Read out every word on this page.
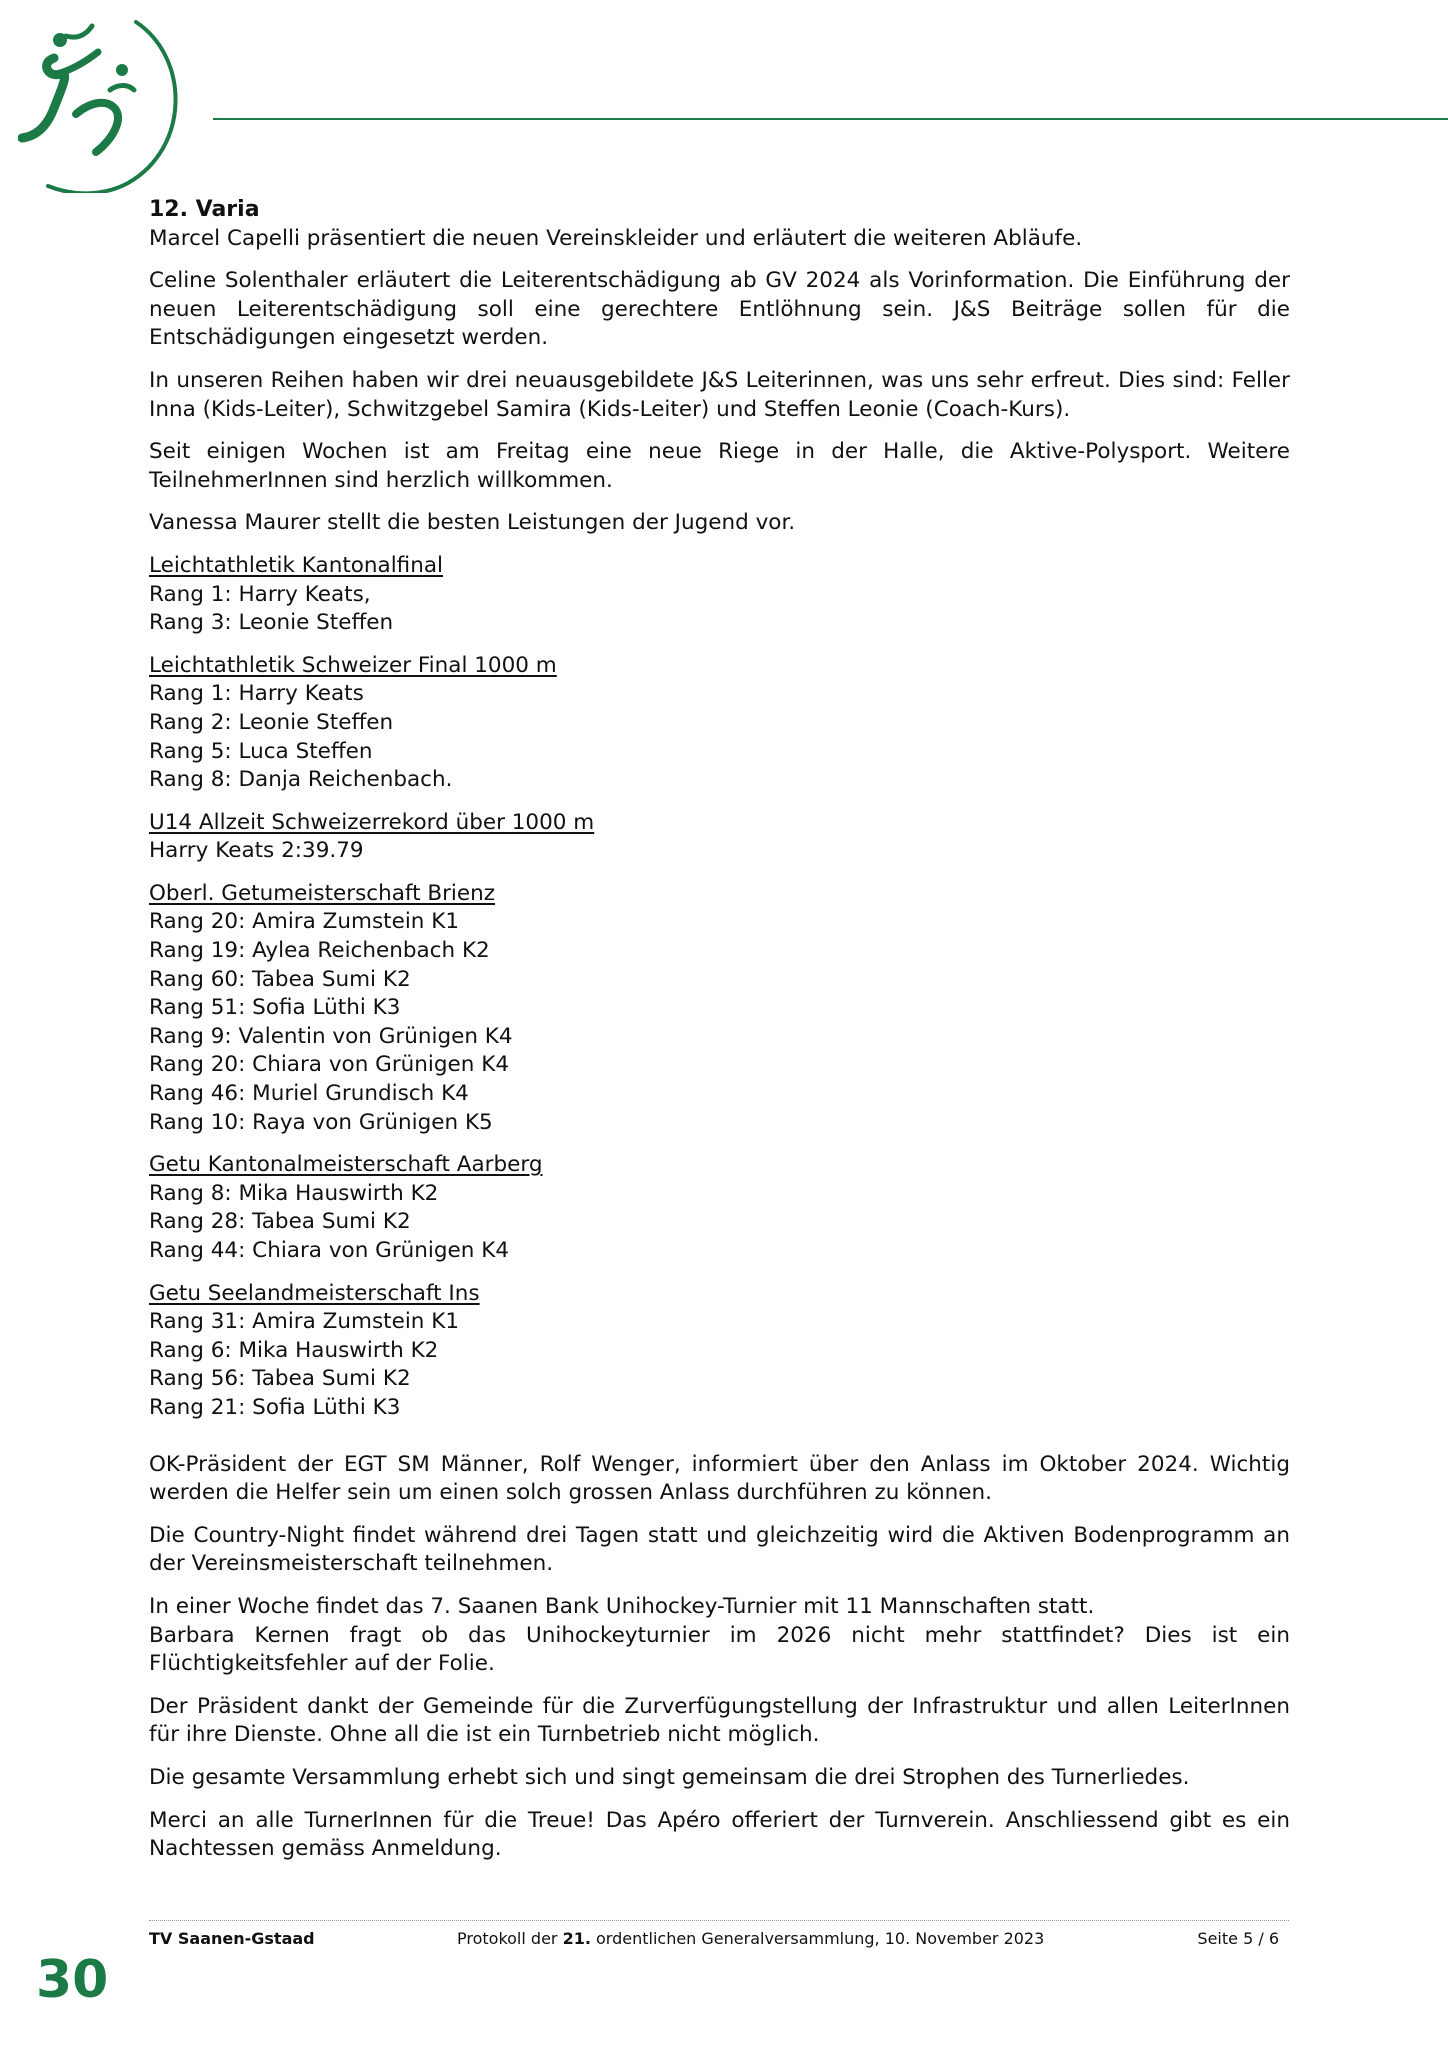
12. Varia

Marcel Capelli präsentiert die neuen Vereinskleider und erläutert die weiteren Abläufe.

Celine Solenthaler erläutert die Leiterentschädigung ab GV 2024 als Vorinformation. Die Einführung der neuen Leiterentschädigung soll eine gerechtere Entlöhnung sein. J&S Beiträge sollen für die Entschädigungen eingesetzt werden.

In unseren Reihen haben wir drei neuausgebildete J&S Leiterinnen, was uns sehr erfreut. Dies sind: Feller Inna (Kids-Leiter), Schwitzgebel Samira (Kids-Leiter) und Steffen Leonie (Coach-Kurs).

Seit einigen Wochen ist am Freitag eine neue Riege in der Halle, die Aktive-Polysport. Weitere TeilnehmerInnen sind herzlich willkommen.

Vanessa Maurer stellt die besten Leistungen der Jugend vor.

Leichtathletik Kantonalfinal
Rang 1: Harry Keats,
Rang 3: Leonie Steffen
Leichtathletik Schweizer Final 1000 m
Rang 1: Harry Keats
Rang 2: Leonie Steffen
Rang 5: Luca Steffen
Rang 8: Danja Reichenbach.
U14 Allzeit Schweizerrekord über 1000 m
Harry Keats 2:39.79
Oberl. Getumeisterschaft Brienz
Rang 20: Amira Zumstein K1
Rang 19: Aylea Reichenbach K2
Rang 60: Tabea Sumi K2
Rang 51: Sofia Lüthi K3
Rang 9: Valentin von Grünigen K4
Rang 20: Chiara von Grünigen K4
Rang 46: Muriel Grundisch K4
Rang 10: Raya von Grünigen K5
Getu Kantonalmeisterschaft Aarberg
Rang 8: Mika Hauswirth K2
Rang 28: Tabea Sumi K2
Rang 44: Chiara von Grünigen K4
Getu Seelandmeisterschaft Ins
Rang 31: Amira Zumstein K1
Rang 6: Mika Hauswirth K2
Rang 56: Tabea Sumi K2
Rang 21: Sofia Lüthi K3

OK-Präsident der EGT SM Männer, Rolf Wenger, informiert über den Anlass im Oktober 2024. Wichtig werden die Helfer sein um einen solch grossen Anlass durchführen zu können.

Die Country-Night findet während drei Tagen statt und gleichzeitig wird die Aktiven Bodenprogramm an der Vereinsmeisterschaft teilnehmen.

In einer Woche findet das 7. Saanen Bank Unihockey-Turnier mit 11 Mannschaften statt.
Barbara Kernen fragt ob das Unihockeyturnier im 2026 nicht mehr stattfindet? Dies ist ein Flüchtigkeitsfehler auf der Folie.

Der Präsident dankt der Gemeinde für die Zurverfügungstellung der Infrastruktur und allen LeiterInnen für ihre Dienste. Ohne all die ist ein Turnbetrieb nicht möglich.

Die gesamte Versammlung erhebt sich und singt gemeinsam die drei Strophen des Turnerliedes.

Merci an alle TurnerInnen für die Treue! Das Apéro offeriert der Turnverein. Anschliessend gibt es ein Nachtessen gemäss Anmeldung.

TV Saanen-Gstaad	Protokoll der 21. ordentlichen Generalversammlung, 10. November 2023	Seite 5 / 6
30
